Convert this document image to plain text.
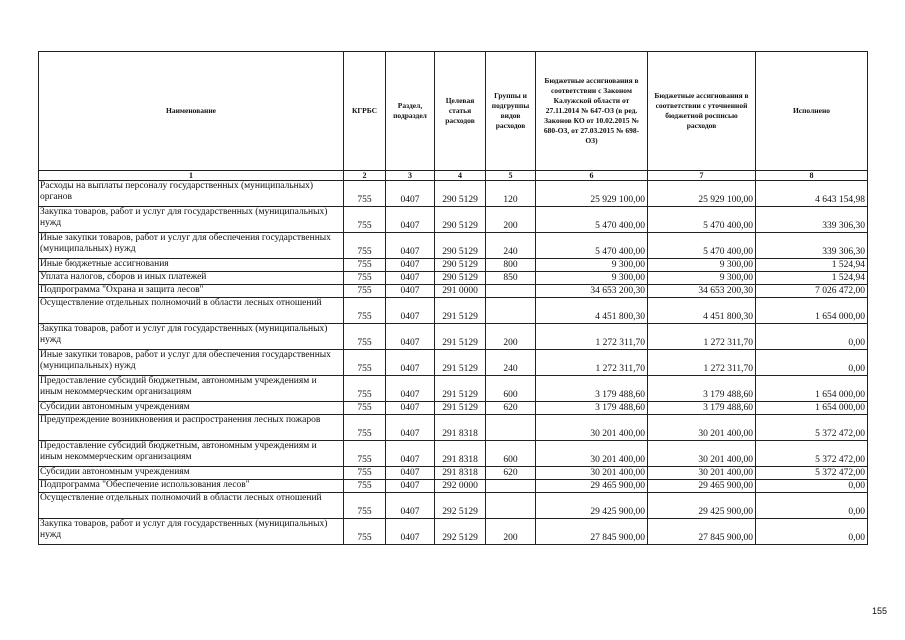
Наименование	КГРБС	Раздел, подраздел	Целевая статья расходов	Группы и подгруппы видов расходов	Бюджетные ассигнования в соответствии с Законом Калужской области от 27.11.2014 № 647-ОЗ (в ред. Законов КО от 10.02.2015 № 680-ОЗ, от 27.03.2015 № 698-ОЗ)	Бюджетные ассигнования в соответствии с уточненной бюджетной росписью расходов	Исполнено
1	2	3	4	5	6	7	8
Расходы на выплаты персоналу государственных (муниципальных) органов	755	0407	290 5129	120	25 929 100,00	25 929 100,00	4 643 154,98
Закупка товаров, работ и услуг для государственных (муниципальных) нужд	755	0407	290 5129	200	5 470 400,00	5 470 400,00	339 306,30
Иные закупки товаров, работ и услуг для обеспечения государственных (муниципальных) нужд	755	0407	290 5129	240	5 470 400,00	5 470 400,00	339 306,30
Иные бюджетные ассигнования	755	0407	290 5129	800	9 300,00	9 300,00	1 524,94
Уплата налогов, сборов и иных платежей	755	0407	290 5129	850	9 300,00	9 300,00	1 524,94
Подпрограмма "Охрана и защита лесов"	755	0407	291 0000		34 653 200,30	34 653 200,30	7 026 472,00
Осуществление отдельных полномочий в области лесных отношений	755	0407	291 5129		4 451 800,30	4 451 800,30	1 654 000,00
Закупка товаров, работ и услуг для государственных (муниципальных) нужд	755	0407	291 5129	200	1 272 311,70	1 272 311,70	0,00
Иные закупки товаров, работ и услуг для обеспечения государственных (муниципальных) нужд	755	0407	291 5129	240	1 272 311,70	1 272 311,70	0,00
Предоставление субсидий бюджетным, автономным учреждениям и иным некоммерческим организациям	755	0407	291 5129	600	3 179 488,60	3 179 488,60	1 654 000,00
Субсидии автономным учреждениям	755	0407	291 5129	620	3 179 488,60	3 179 488,60	1 654 000,00
Предупреждение возникновения и распространения лесных пожаров	755	0407	291 8318		30 201 400,00	30 201 400,00	5 372 472,00
Предоставление субсидий бюджетным, автономным учреждениям и иным некоммерческим организациям	755	0407	291 8318	600	30 201 400,00	30 201 400,00	5 372 472,00
Субсидии автономным учреждениям	755	0407	291 8318	620	30 201 400,00	30 201 400,00	5 372 472,00
Подпрограмма "Обеспечение использования лесов"	755	0407	292 0000		29 465 900,00	29 465 900,00	0,00
Осуществление отдельных полномочий в области лесных отношений	755	0407	292 5129		29 425 900,00	29 425 900,00	0,00
Закупка товаров, работ и услуг для государственных (муниципальных) нужд	755	0407	292 5129	200	27 845 900,00	27 845 900,00	0,00
155
